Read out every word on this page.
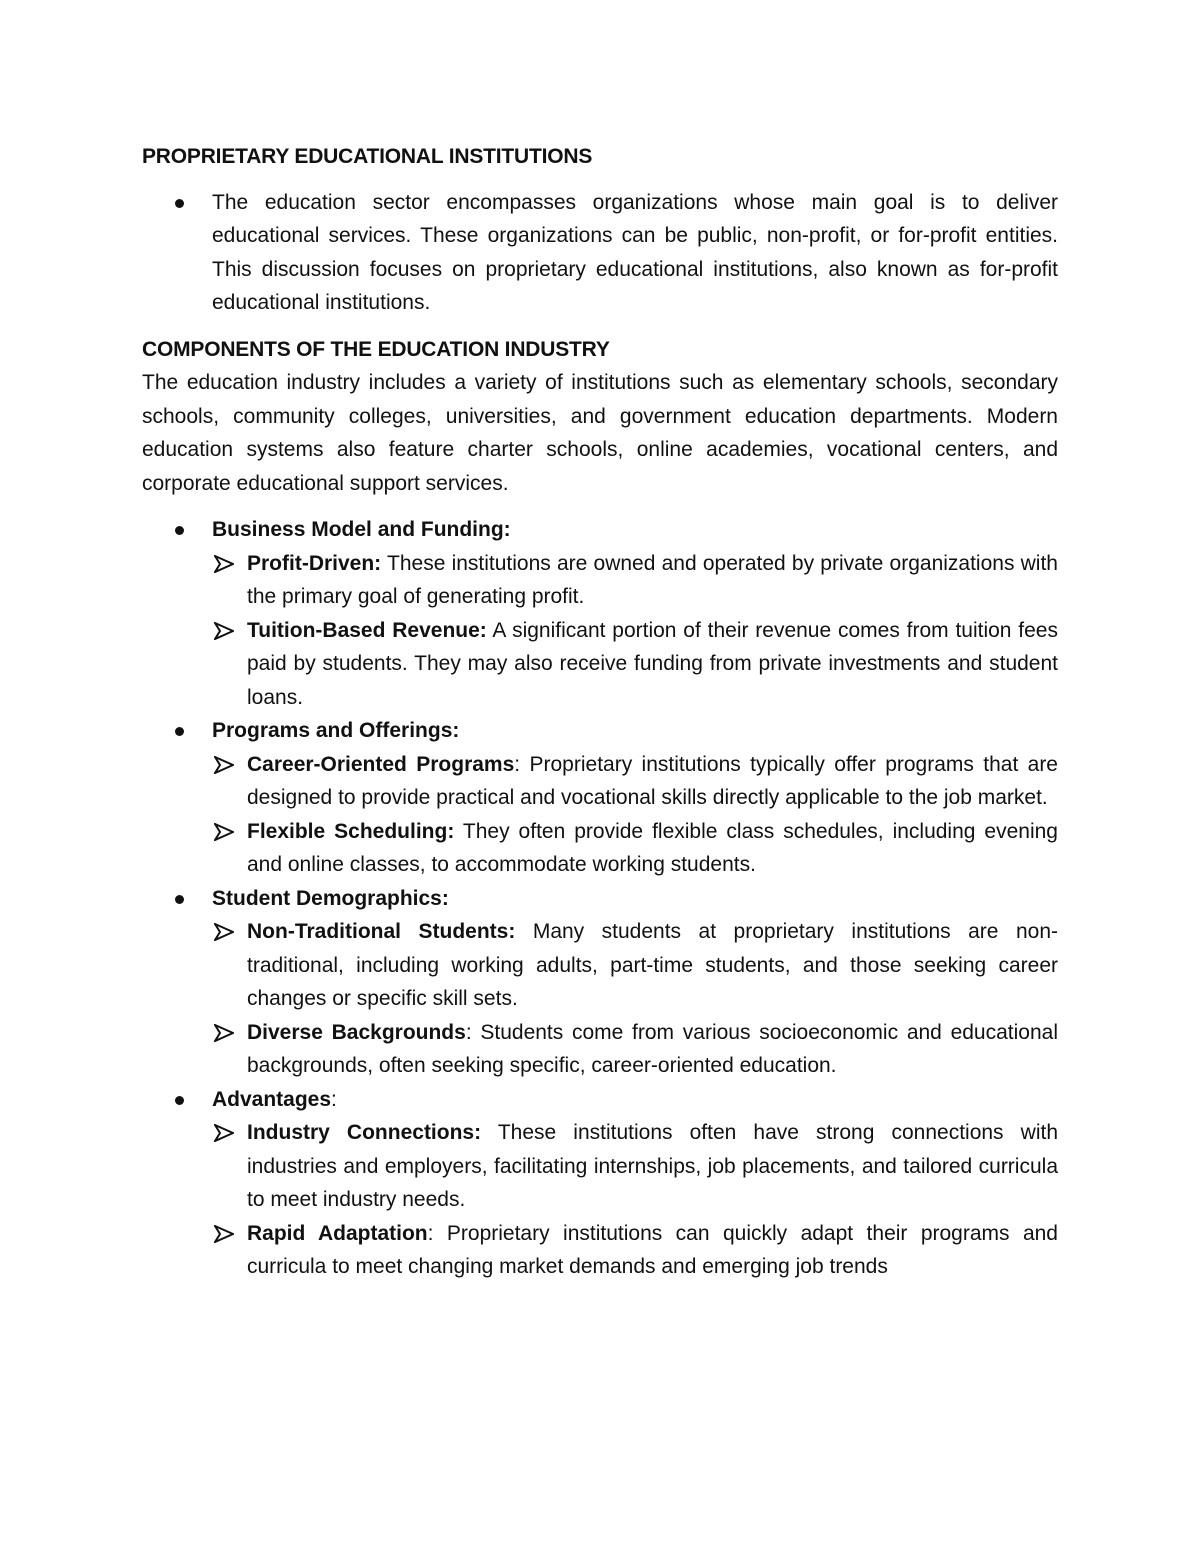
PROPRIETARY EDUCATIONAL INSTITUTIONS

The education sector encompasses organizations whose main goal is to deliver educational services. These organizations can be public, non-profit, or for-profit entities. This discussion focuses on proprietary educational institutions, also known as for-profit educational institutions.

COMPONENTS OF THE EDUCATION INDUSTRY

The education industry includes a variety of institutions such as elementary schools, secondary schools, community colleges, universities, and government education departments. Modern education systems also feature charter schools, online academies, vocational centers, and corporate educational support services.

Business Model and Funding:
Profit-Driven: These institutions are owned and operated by private organizations with the primary goal of generating profit.
Tuition-Based Revenue: A significant portion of their revenue comes from tuition fees paid by students. They may also receive funding from private investments and student loans.
Programs and Offerings:
Career-Oriented Programs: Proprietary institutions typically offer programs that are designed to provide practical and vocational skills directly applicable to the job market.
Flexible Scheduling: They often provide flexible class schedules, including evening and online classes, to accommodate working students.
Student Demographics:
Non-Traditional Students: Many students at proprietary institutions are non-traditional, including working adults, part-time students, and those seeking career changes or specific skill sets.
Diverse Backgrounds: Students come from various socioeconomic and educational backgrounds, often seeking specific, career-oriented education.
Advantages:
Industry Connections: These institutions often have strong connections with industries and employers, facilitating internships, job placements, and tailored curricula to meet industry needs.
Rapid Adaptation: Proprietary institutions can quickly adapt their programs and curricula to meet changing market demands and emerging job trends
